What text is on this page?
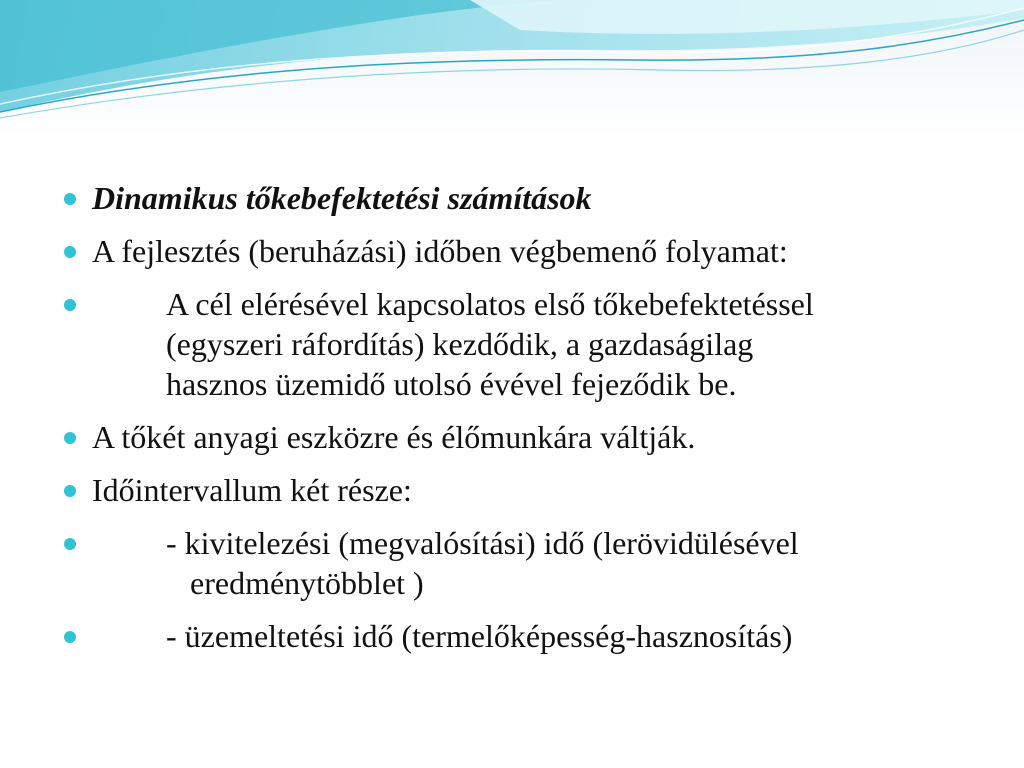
Dinamikus tőkebefektetési számítások
A fejlesztés (beruházási) időben végbemenő folyamat:
A cél elérésével kapcsolatos első tőkebefektetéssel
(egyszeri ráfordítás) kezdődik, a gazdaságilag
hasznos üzemidő utolsó évével fejeződik be.
A tőkét anyagi eszközre és élőmunkára váltják.
Időintervallum két része:
- kivitelezési (megvalósítási) idő (lerövidülésével
eredménytöbblet )
- üzemeltetési idő (termelőképesség-hasznosítás)
